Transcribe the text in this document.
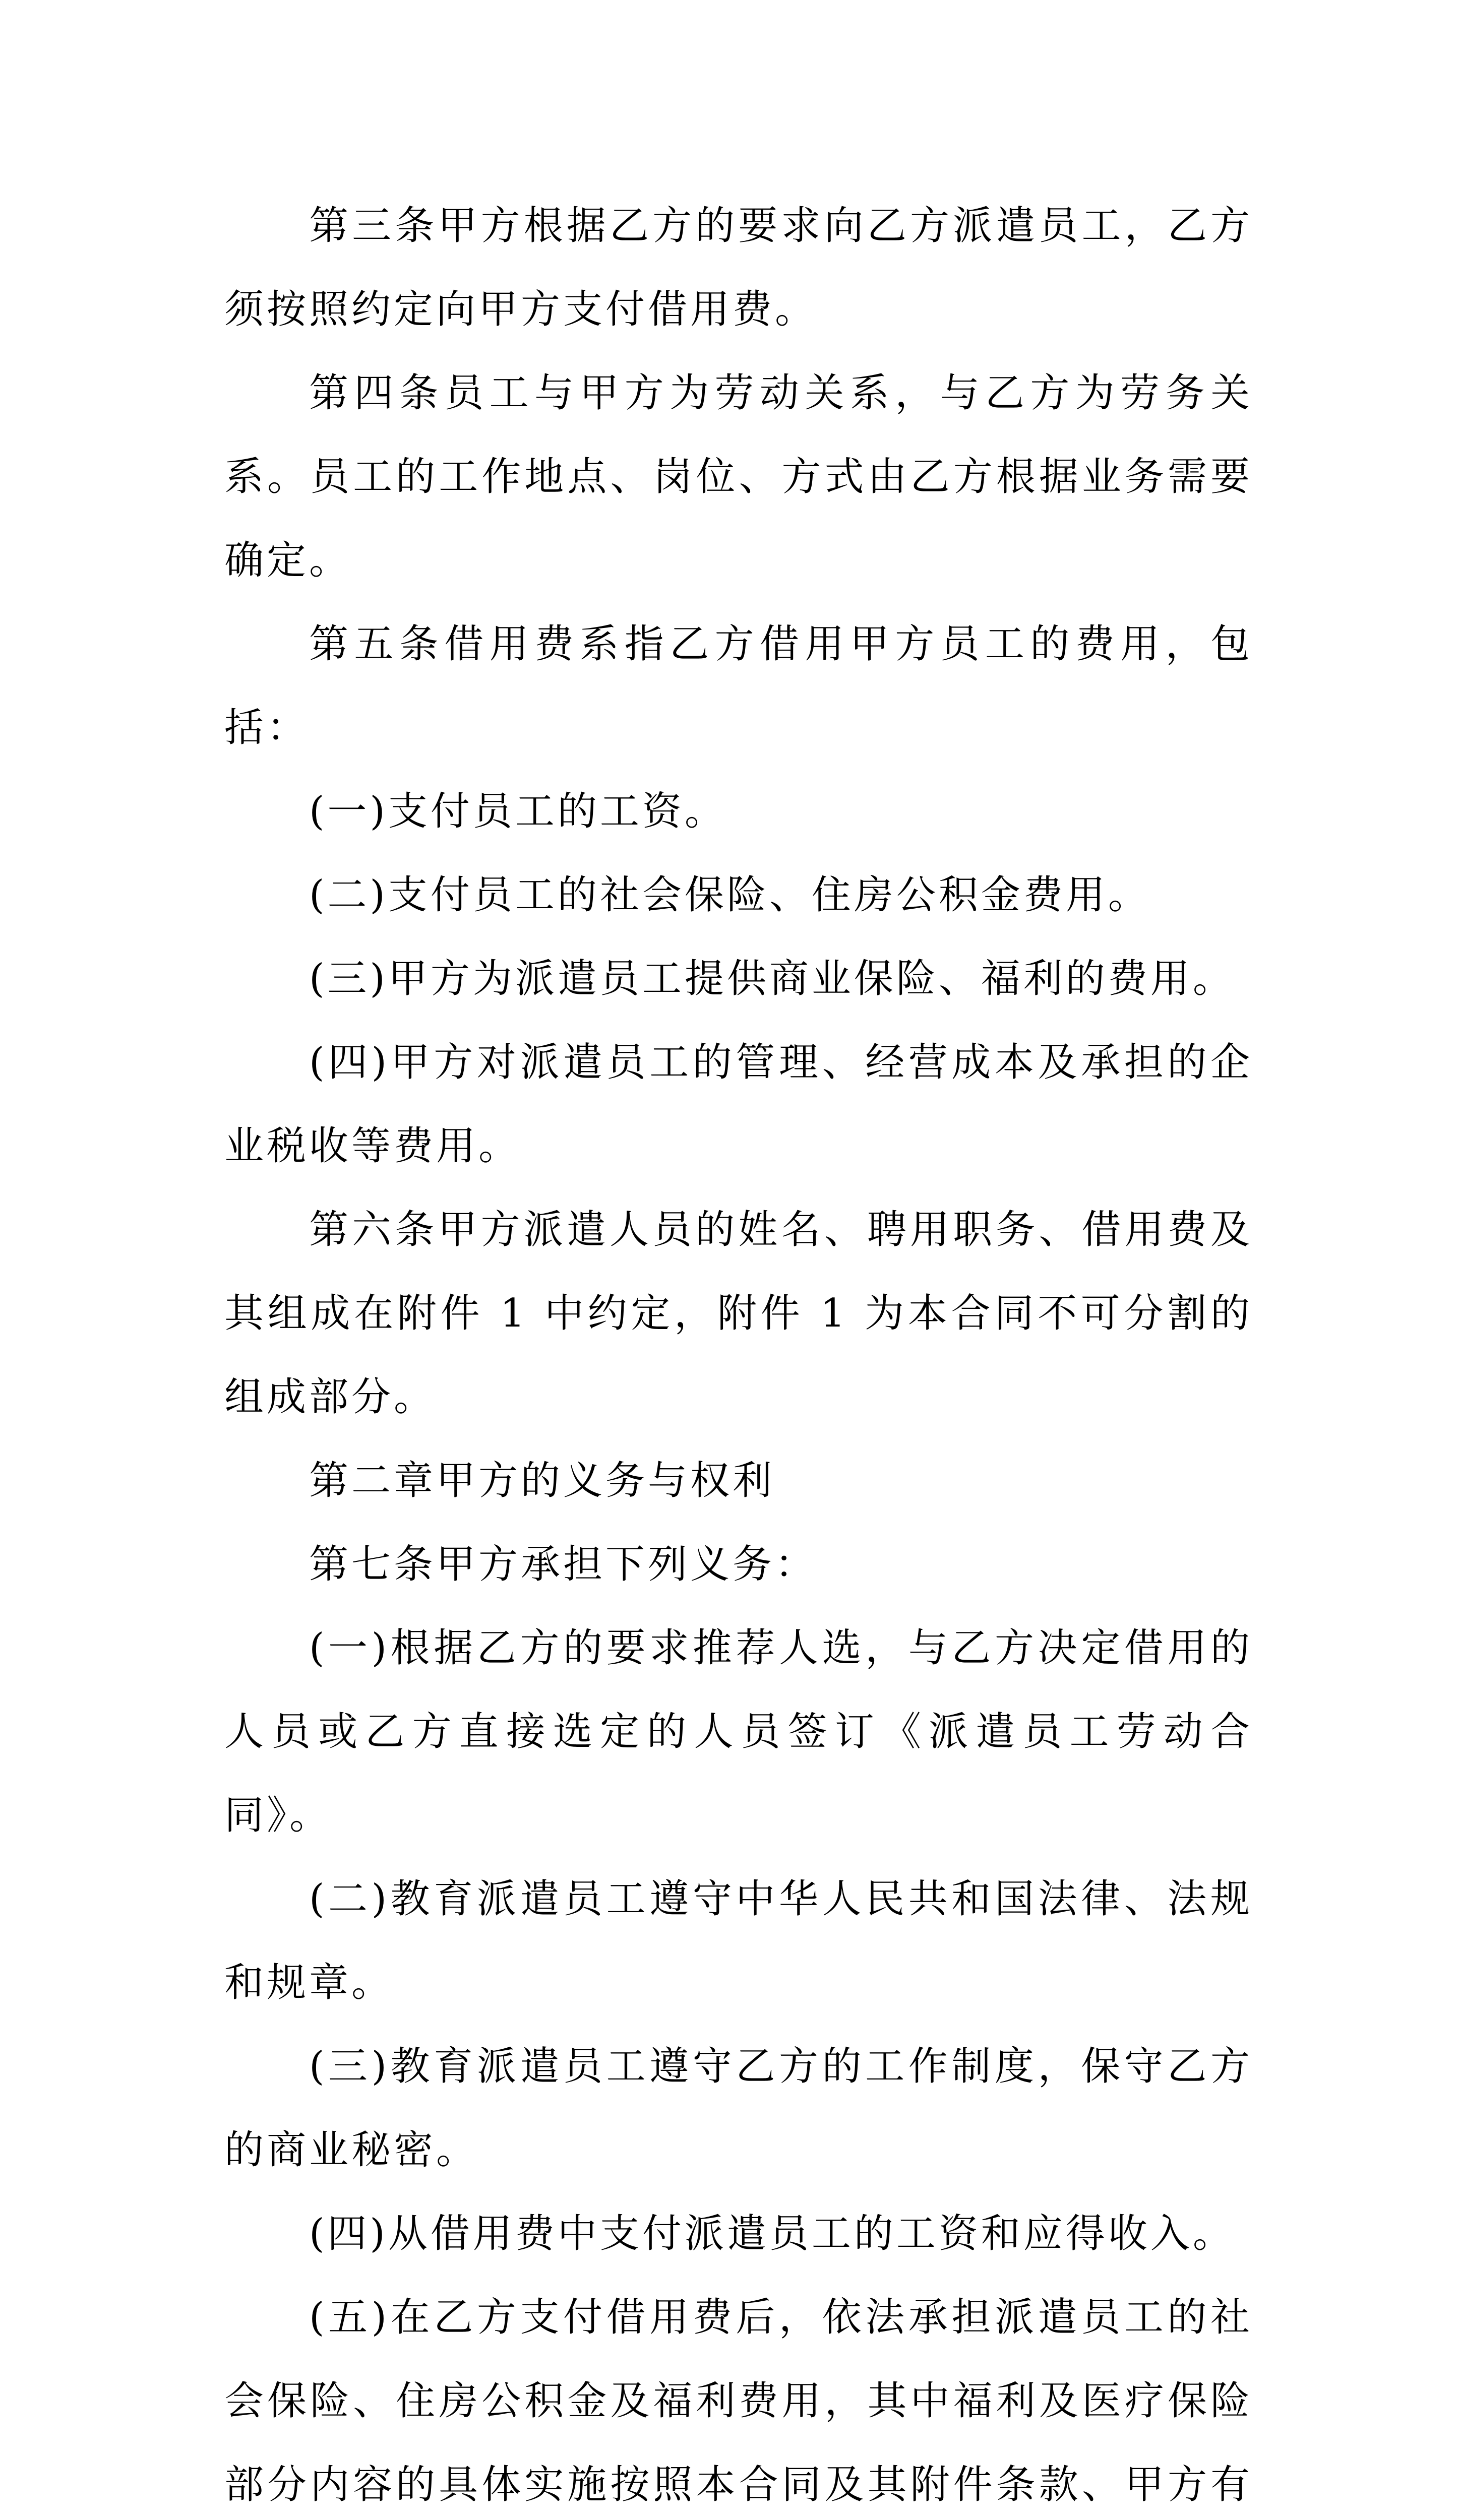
第三条甲方根据乙方的要求向乙方派遣员工，乙方须按照约定向甲方支付借用费。

第四条员工与甲方为劳动关系，与乙方为劳务关系。员工的工作地点、岗位、方式由乙方根据业务需要确定。

第五条借用费系指乙方借用甲方员工的费用，包括：

(一)支付员工的工资。

(二)支付员工的社会保险、住房公积金费用。

(三)甲方为派遣员工提供商业保险、福利的费用。

(四)甲方对派遣员工的管理、经营成本及承担的企业税收等费用。

第六条甲方派遣人员的姓名、聘用职务、借用费及其组成在附件 1 中约定，附件 1 为本合同不可分割的组成部分。

第二章甲方的义务与权利

第七条甲方承担下列义务：

(一)根据乙方的要求推荐人选，与乙方决定借用的人员或乙方直接选定的人员签订《派遣员工劳动合同》。

(二)教育派遣员工遵守中华人民共和国法律、法规和规章。

(三)教育派遣员工遵守乙方的工作制度，保守乙方的商业秘密。

(四)从借用费中支付派遣员工的工资和应得收入。

(五)在乙方支付借用费后，依法承担派遣员工的社会保险、住房公积金及福利费用，其中福利及医疗保险部分内容的具体实施按照本合同及其附件条款、甲方有
